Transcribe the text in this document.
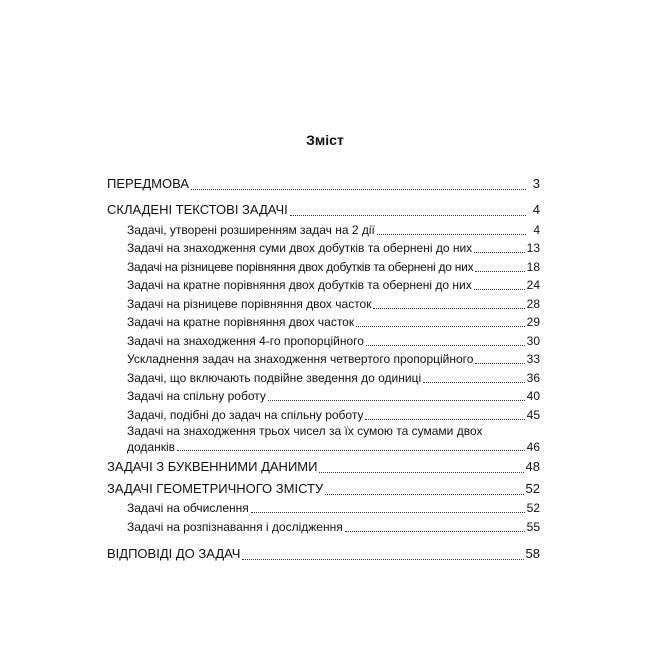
Зміст
ПЕРЕДМОВА	3
СКЛАДЕНІ ТЕКСТОВІ ЗАДАЧІ	4
Задачі, утворені розширенням задач на 2 дії	4
Задачі на знаходження суми двох добутків та обернені до них	13
Задачі на різницеве порівняння двох добутків та обернені до них	18
Задачі на кратне порівняння двох добутків та обернені до них	24
Задачі на різницеве порівняння двох часток	28
Задачі на кратне порівняння двох часток	29
Задачі на знаходження 4-го пропорційного	30
Ускладнення задач на знаходження четвертого пропорційного	33
Задачі, що включають подвійне зведення до одиниці	36
Задачі на спільну роботу	40
Задачі, подібні до задач на спільну роботу	45
Задачі на знаходження трьох чисел за їх сумою та сумами двох
доданків	46
ЗАДАЧІ З БУКВЕННИМИ ДАНИМИ	48
ЗАДАЧІ ГЕОМЕТРИЧНОГО ЗМІСТУ	52
Задачі на обчислення	52
Задачі на розпізнавання і дослідження	55
ВІДПОВІДІ ДО ЗАДАЧ	58
